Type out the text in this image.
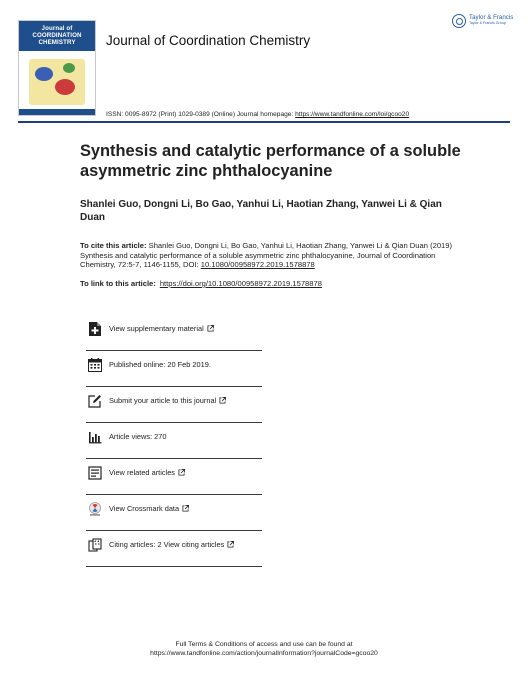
Journal of
COORDINATION
CHEMISTRY	Journal of Coordination Chemistry
Taylor & Francis
Taylor & Francis Group
ISSN: 0095-8972 (Print) 1029-0389 (Online) Journal homepage: https://www.tandfonline.com/loi/gcoo20
Synthesis and catalytic performance of a soluble asymmetric zinc phthalocyanine
Shanlei Guo, Dongni Li, Bo Gao, Yanhui Li, Haotian Zhang, Yanwei Li & Qian Duan
To cite this article: Shanlei Guo, Dongni Li, Bo Gao, Yanhui Li, Haotian Zhang, Yanwei Li & Qian Duan (2019) Synthesis and catalytic performance of a soluble asymmetric zinc phthalocyanine, Journal of Coordination Chemistry, 72:5-7, 1146-1155, DOI: 10.1080/00958972.2019.1578878
To link to this article: https://doi.org/10.1080/00958972.2019.1578878
View supplementary material
Published online: 20 Feb 2019.
Submit your article to this journal
Article views: 270
View related articles
View Crossmark data
Citing articles: 2 View citing articles
Full Terms & Conditions of access and use can be found at
https://www.tandfonline.com/action/journalInformation?journalCode=gcoo20
